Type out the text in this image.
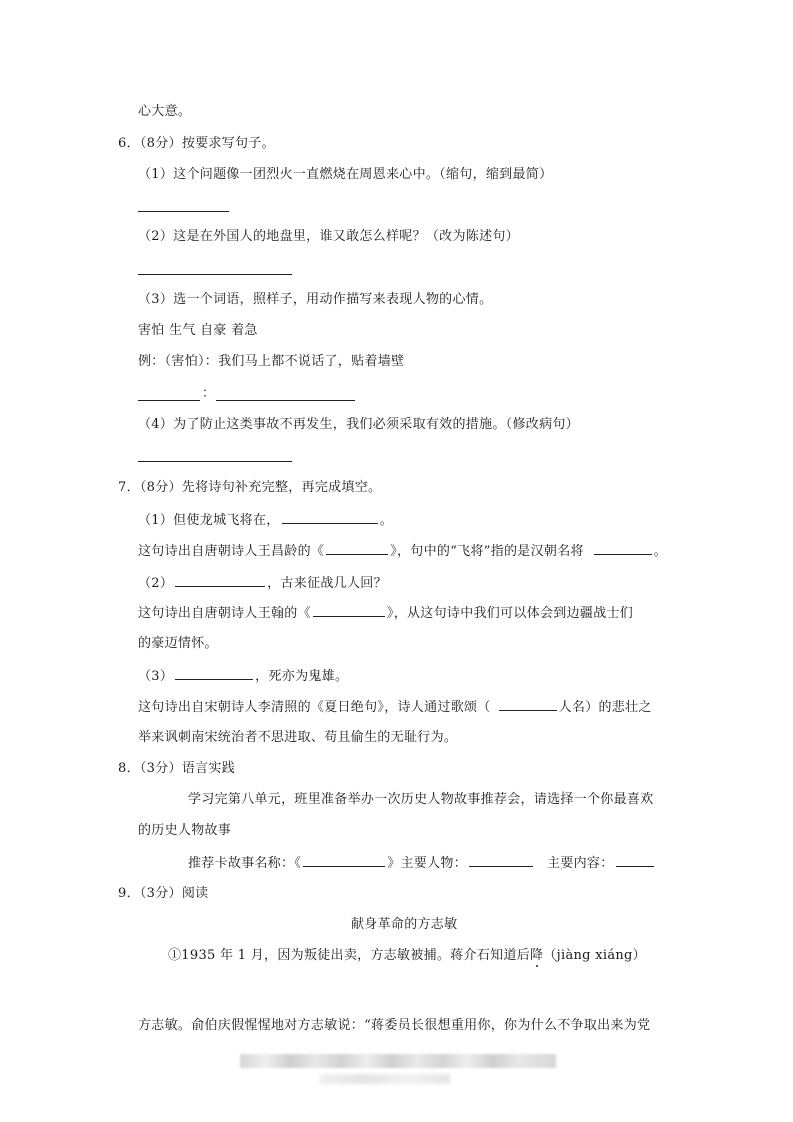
心大意。
6．（8分）按要求写句子。
（1）这个问题像一团烈火一直燃烧在周恩来心中。（缩句，缩到最简）
（2）这是在外国人的地盘里，谁又敢怎么样呢？（改为陈述句）
（3）选一个词语，照样子，用动作描写来表现人物的心情。
害怕 生气 自豪 着急
例：（害怕）：我们马上都不说话了，贴着墙壁
：
（4）为了防止这类事故不再发生，我们必须采取有效的措施。（修改病句）
7．（8分）先将诗句补充完整，再完成填空。
（1）但使龙城飞将在，	。
这句诗出自唐朝诗人王昌龄的《	》，句中的“飞将”指的是汉朝名将	。
（2）	，古来征战几人回？
这句诗出自唐朝诗人王翰的《	》，从这句诗中我们可以体会到边疆战士们
的豪迈情怀。
（3）	，死亦为鬼雄。
这句诗出自宋朝诗人李清照的《夏日绝句》，诗人通过歌颂（	人名）的悲壮之
举来讽刺南宋统治者不思进取、苟且偷生的无耻行为。
8．（3分）语言实践
学习完第八单元，班里准备举办一次历史人物故事推荐会，请选择一个你最喜欢
的历史人物故事
推荐卡故事名称：《	》主要人物：	主要内容：
9．（3分）阅读
献身革命的方志敏
①1935 年 1 月，因为叛徒出卖，方志敏被捕。蒋介石知道后降（jiàng xiáng）
方志敏。俞伯庆假惺惺地对方志敏说：“蒋委员长很想重用你，你为什么不争取出来为党
